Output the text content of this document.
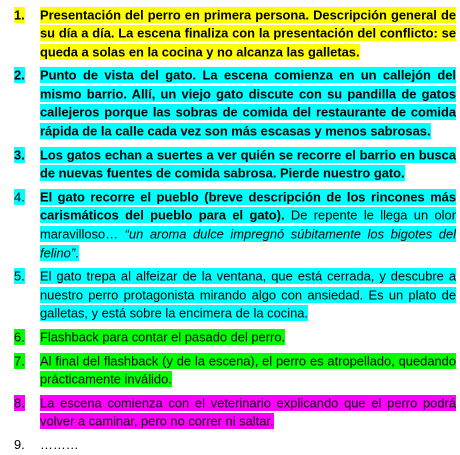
1. Presentación del perro en primera persona. Descripción general de su día a día. La escena finaliza con la presentación del conflicto: se queda a solas en la cocina y no alcanza las galletas.
2. Punto de vista del gato. La escena comienza en un callejón del mismo barrio. Allí, un viejo gato discute con su pandilla de gatos callejeros porque las sobras de comida del restaurante de comida rápida de la calle cada vez son más escasas y menos sabrosas.
3. Los gatos echan a suertes a ver quién se recorre el barrio en busca de nuevas fuentes de comida sabrosa. Pierde nuestro gato.
4. El gato recorre el pueblo (breve descripción de los rincones más carismáticos del pueblo para el gato). De repente le llega un olor maravilloso… “un aroma dulce impregnó súbitamente los bigotes del felino”.
5. El gato trepa al alfeizar de la ventana, que está cerrada, y descubre a nuestro perro protagonista mirando algo con ansiedad. Es un plato de galletas, y está sobre la encimera de la cocina.
6. Flashback para contar el pasado del perro.
7. Al final del flashback (y de la escena), el perro es atropellado, quedando prácticamente inválido.
8. La escena comienza con el veterinario explicando que el perro podrá volver a caminar, pero no correr ni saltar.
9. ………
